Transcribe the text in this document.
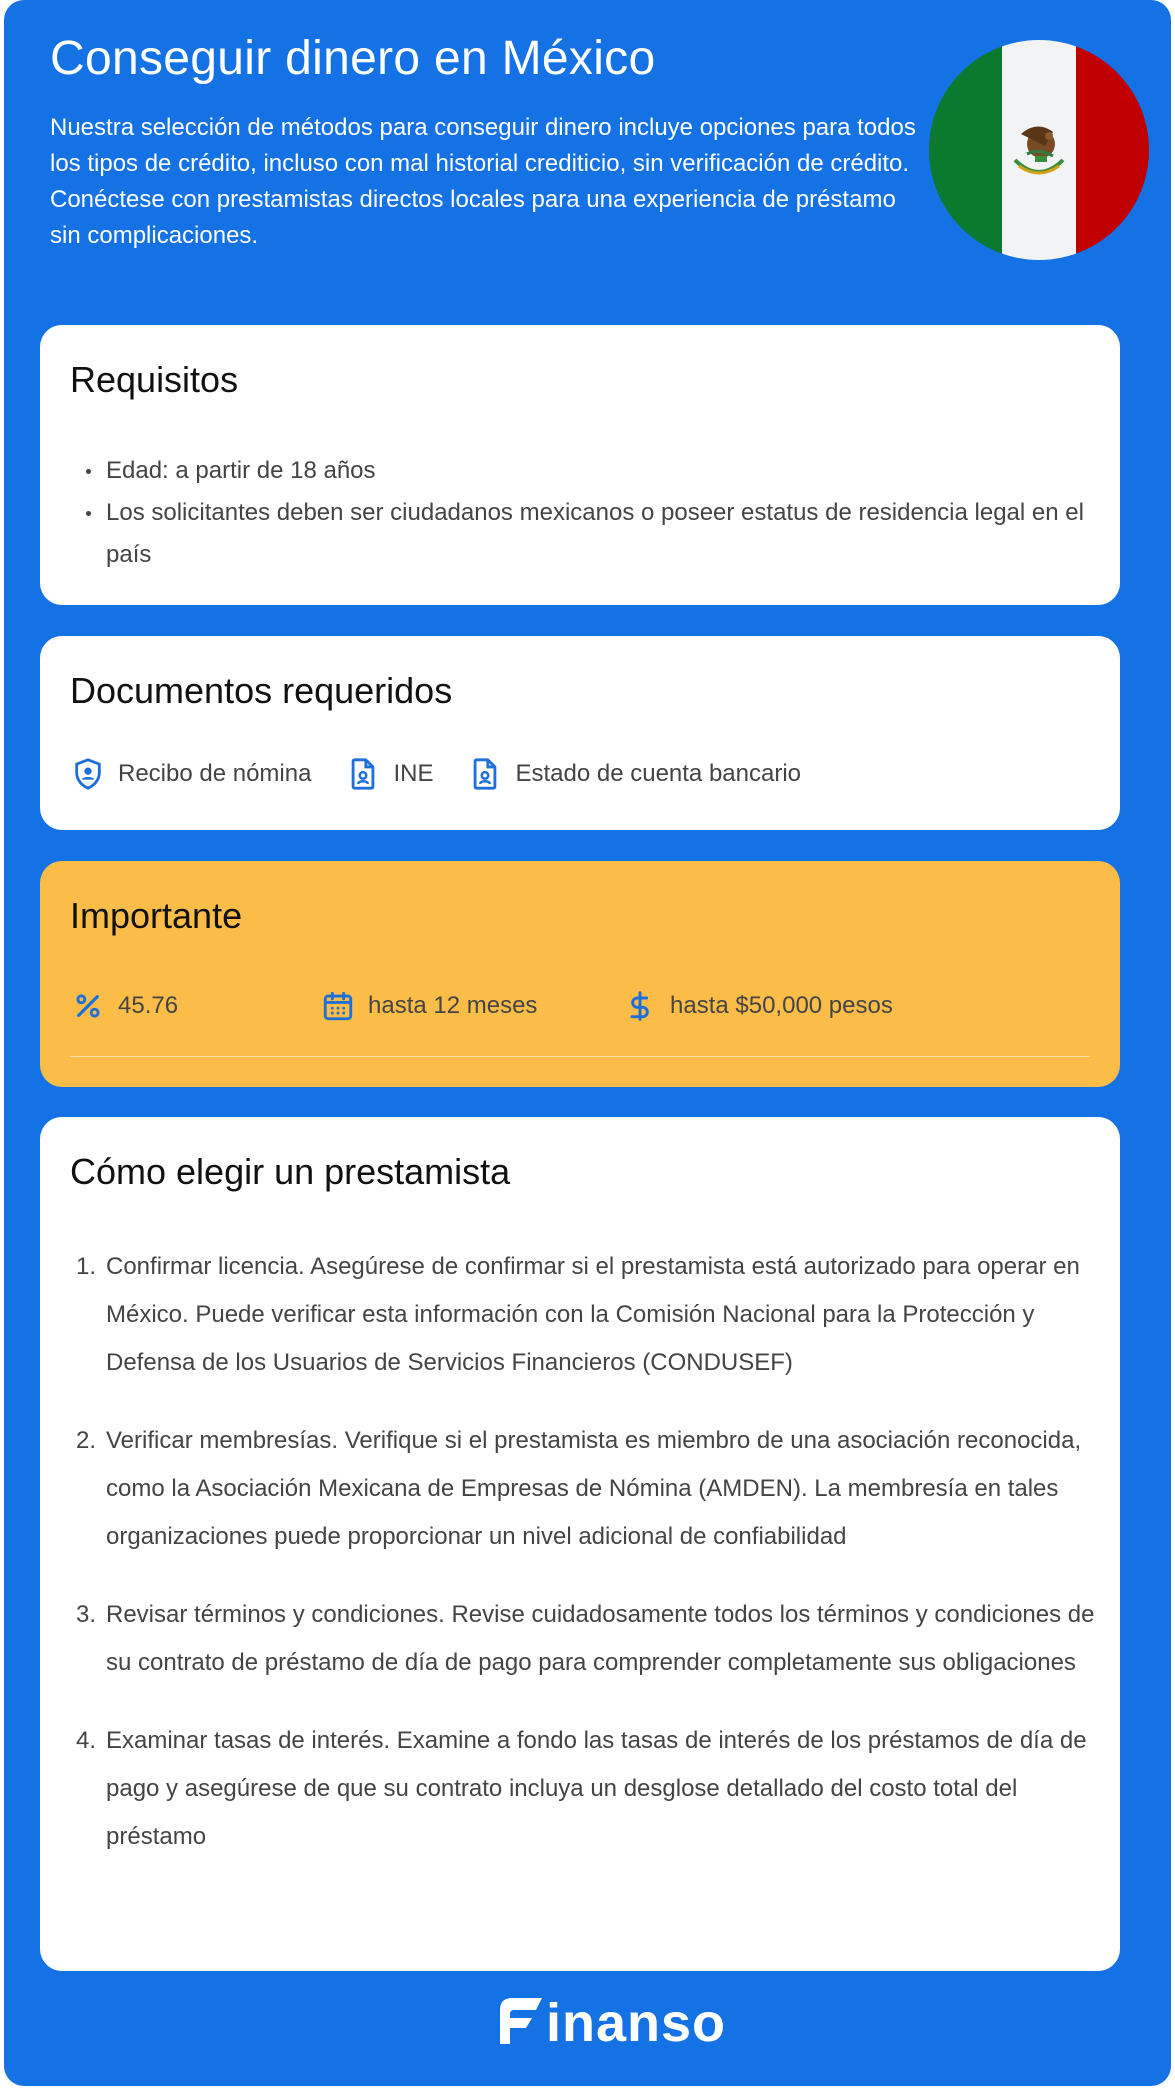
Conseguir dinero en México

Nuestra selección de métodos para conseguir dinero incluye opciones para todos los tipos de crédito, incluso con mal historial crediticio, sin verificación de crédito. Conéctese con prestamistas directos locales para una experiencia de préstamo sin complicaciones.

Requisitos
Edad: a partir de 18 años
Los solicitantes deben ser ciudadanos mexicanos o poseer estatus de residencia legal en el país
Documentos requeridos
Recibo de nómina	INE	Estado de cuenta bancario
Importante
45.76	hasta 12 meses	hasta $50,000 pesos
Cómo elegir un prestamista
1. Confirmar licencia. Asegúrese de confirmar si el prestamista está autorizado para operar en México. Puede verificar esta información con la Comisión Nacional para la Protección y Defensa de los Usuarios de Servicios Financieros (CONDUSEF)
2. Verificar membresías. Verifique si el prestamista es miembro de una asociación reconocida, como la Asociación Mexicana de Empresas de Nómina (AMDEN). La membresía en tales organizaciones puede proporcionar un nivel adicional de confiabilidad
3. Revisar términos y condiciones. Revise cuidadosamente todos los términos y condiciones de su contrato de préstamo de día de pago para comprender completamente sus obligaciones
4. Examinar tasas de interés. Examine a fondo las tasas de interés de los préstamos de día de pago y asegúrese de que su contrato incluya un desglose detallado del costo total del préstamo
inanso
